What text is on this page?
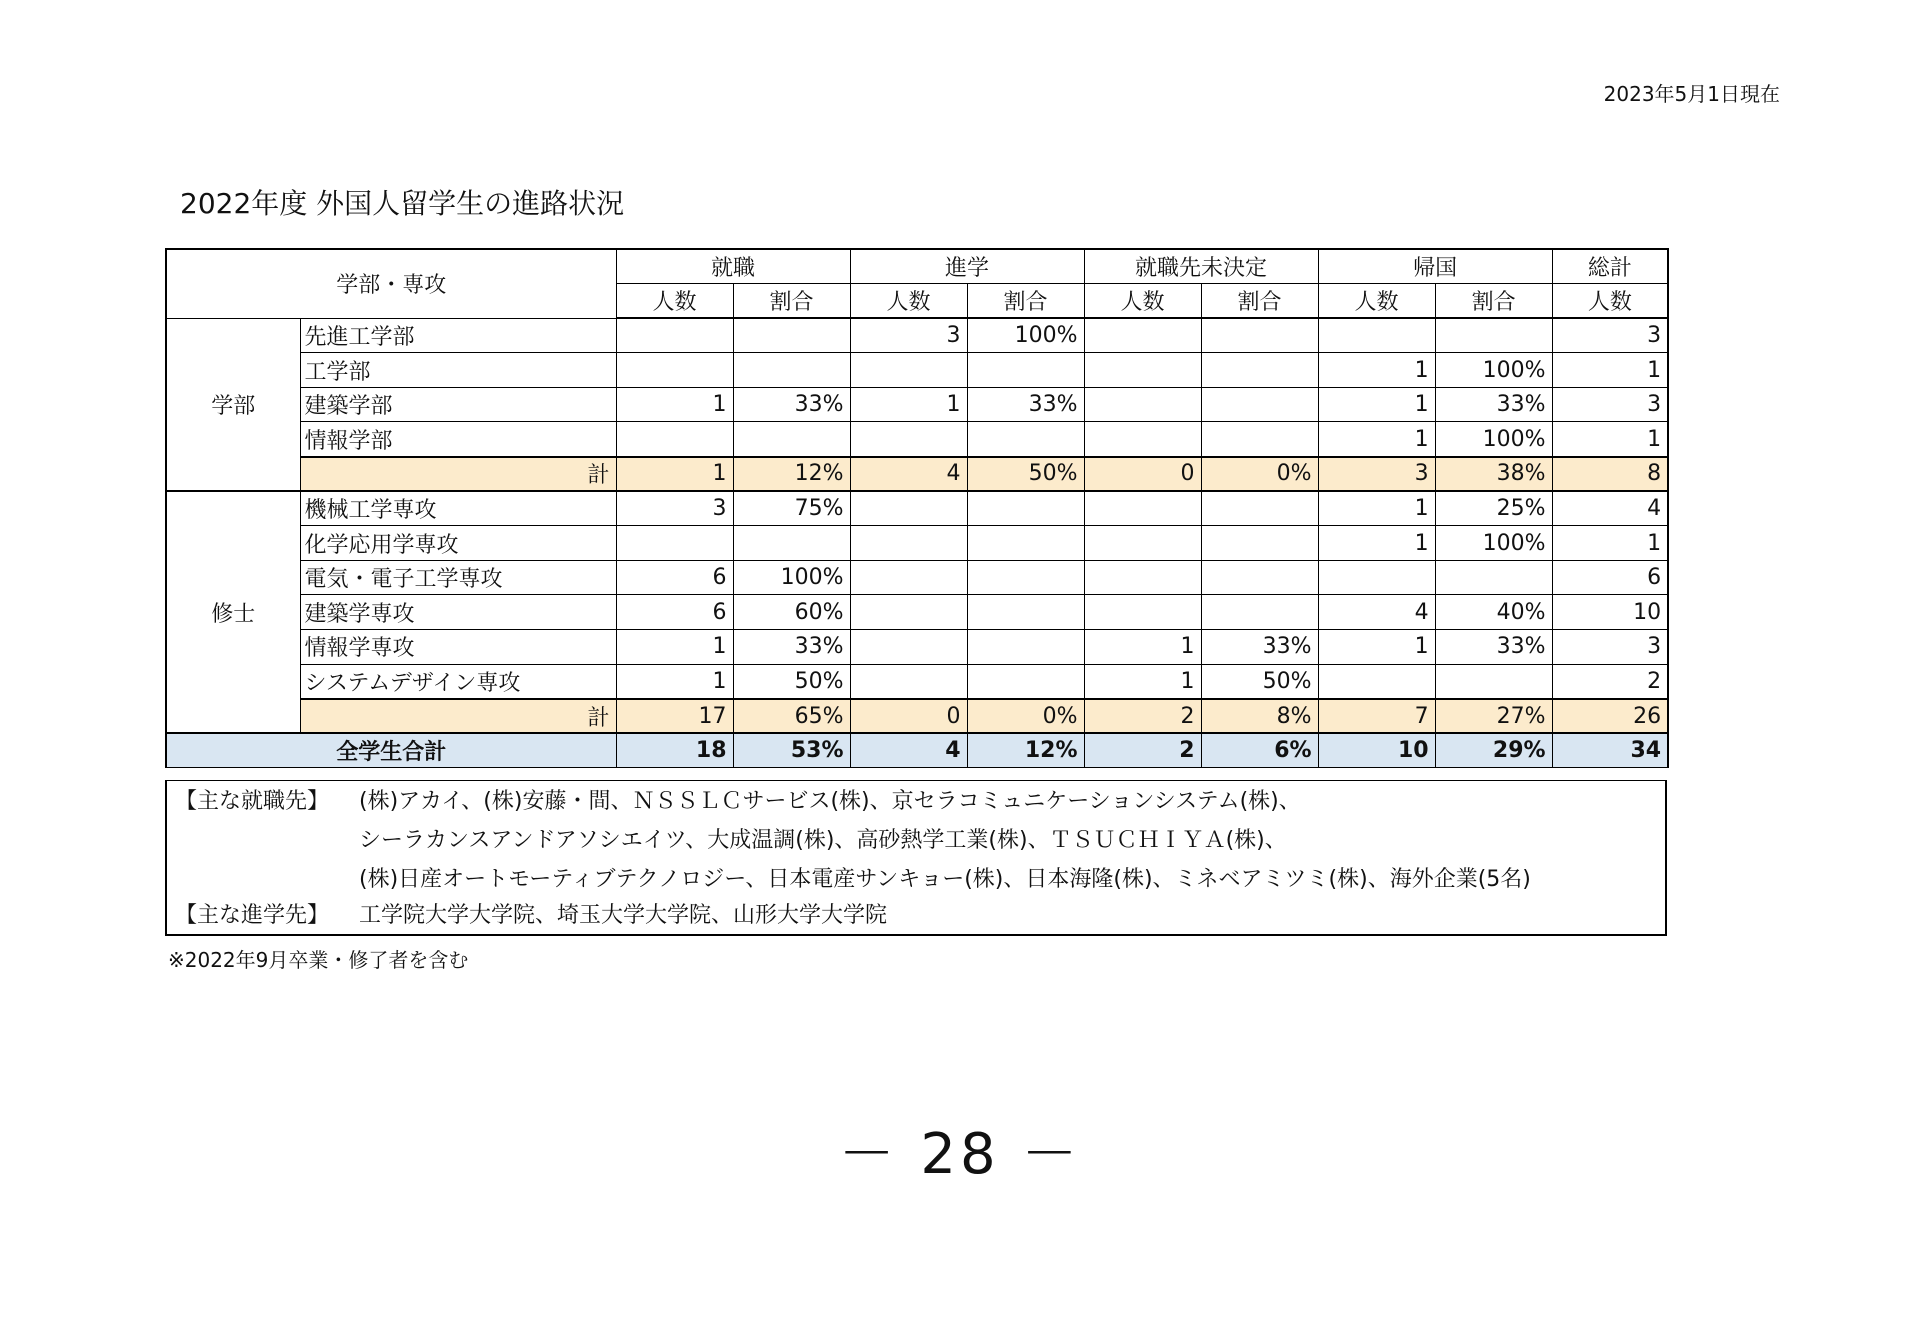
2023年5月1日現在
2022年度 外国人留学生の進路状況
学部・専攻		就職		進学		就職先未決定		帰国		総計
		人数	割合	人数	割合	人数	割合	人数	割合	人数
学部	先進工学部			3	100%					3
	工学部							1	100%	1
	建築学部	1	33%	1	33%			1	33%	3
	情報学部							1	100%	1
	計	1	12%	4	50%	0	0%	3	38%	8
修士	機械工学専攻	3	75%					1	25%	4
	化学応用学専攻							1	100%	1
	電気・電子工学専攻	6	100%							6
	建築学専攻	6	60%					4	40%	10
	情報学専攻	1	33%			1	33%	1	33%	3
	システムデザイン専攻	1	50%			1	50%			2
	計	17	65%	0	0%	2	8%	7	27%	26
全学生合計		18	53%	4	12%	2	6%	10	29%	34
【主な就職先】	(株)アカイ、(株)安藤・間、ＮＳＳＬＣサービス(株)、京セラコミュニケーションシステム(株)、
シーラカンスアンドアソシエイツ、大成温調(株)、高砂熱学工業(株)、ＴＳＵＣＨＩＹＡ(株)、
(株)日産オートモーティブテクノロジー、日本電産サンキョー(株)、日本海隆(株)、ミネベアミツミ(株)、海外企業(5名)
【主な進学先】	工学院大学大学院、埼玉大学大学院、山形大学大学院
※2022年9月卒業・修了者を含む
－ 28 －
